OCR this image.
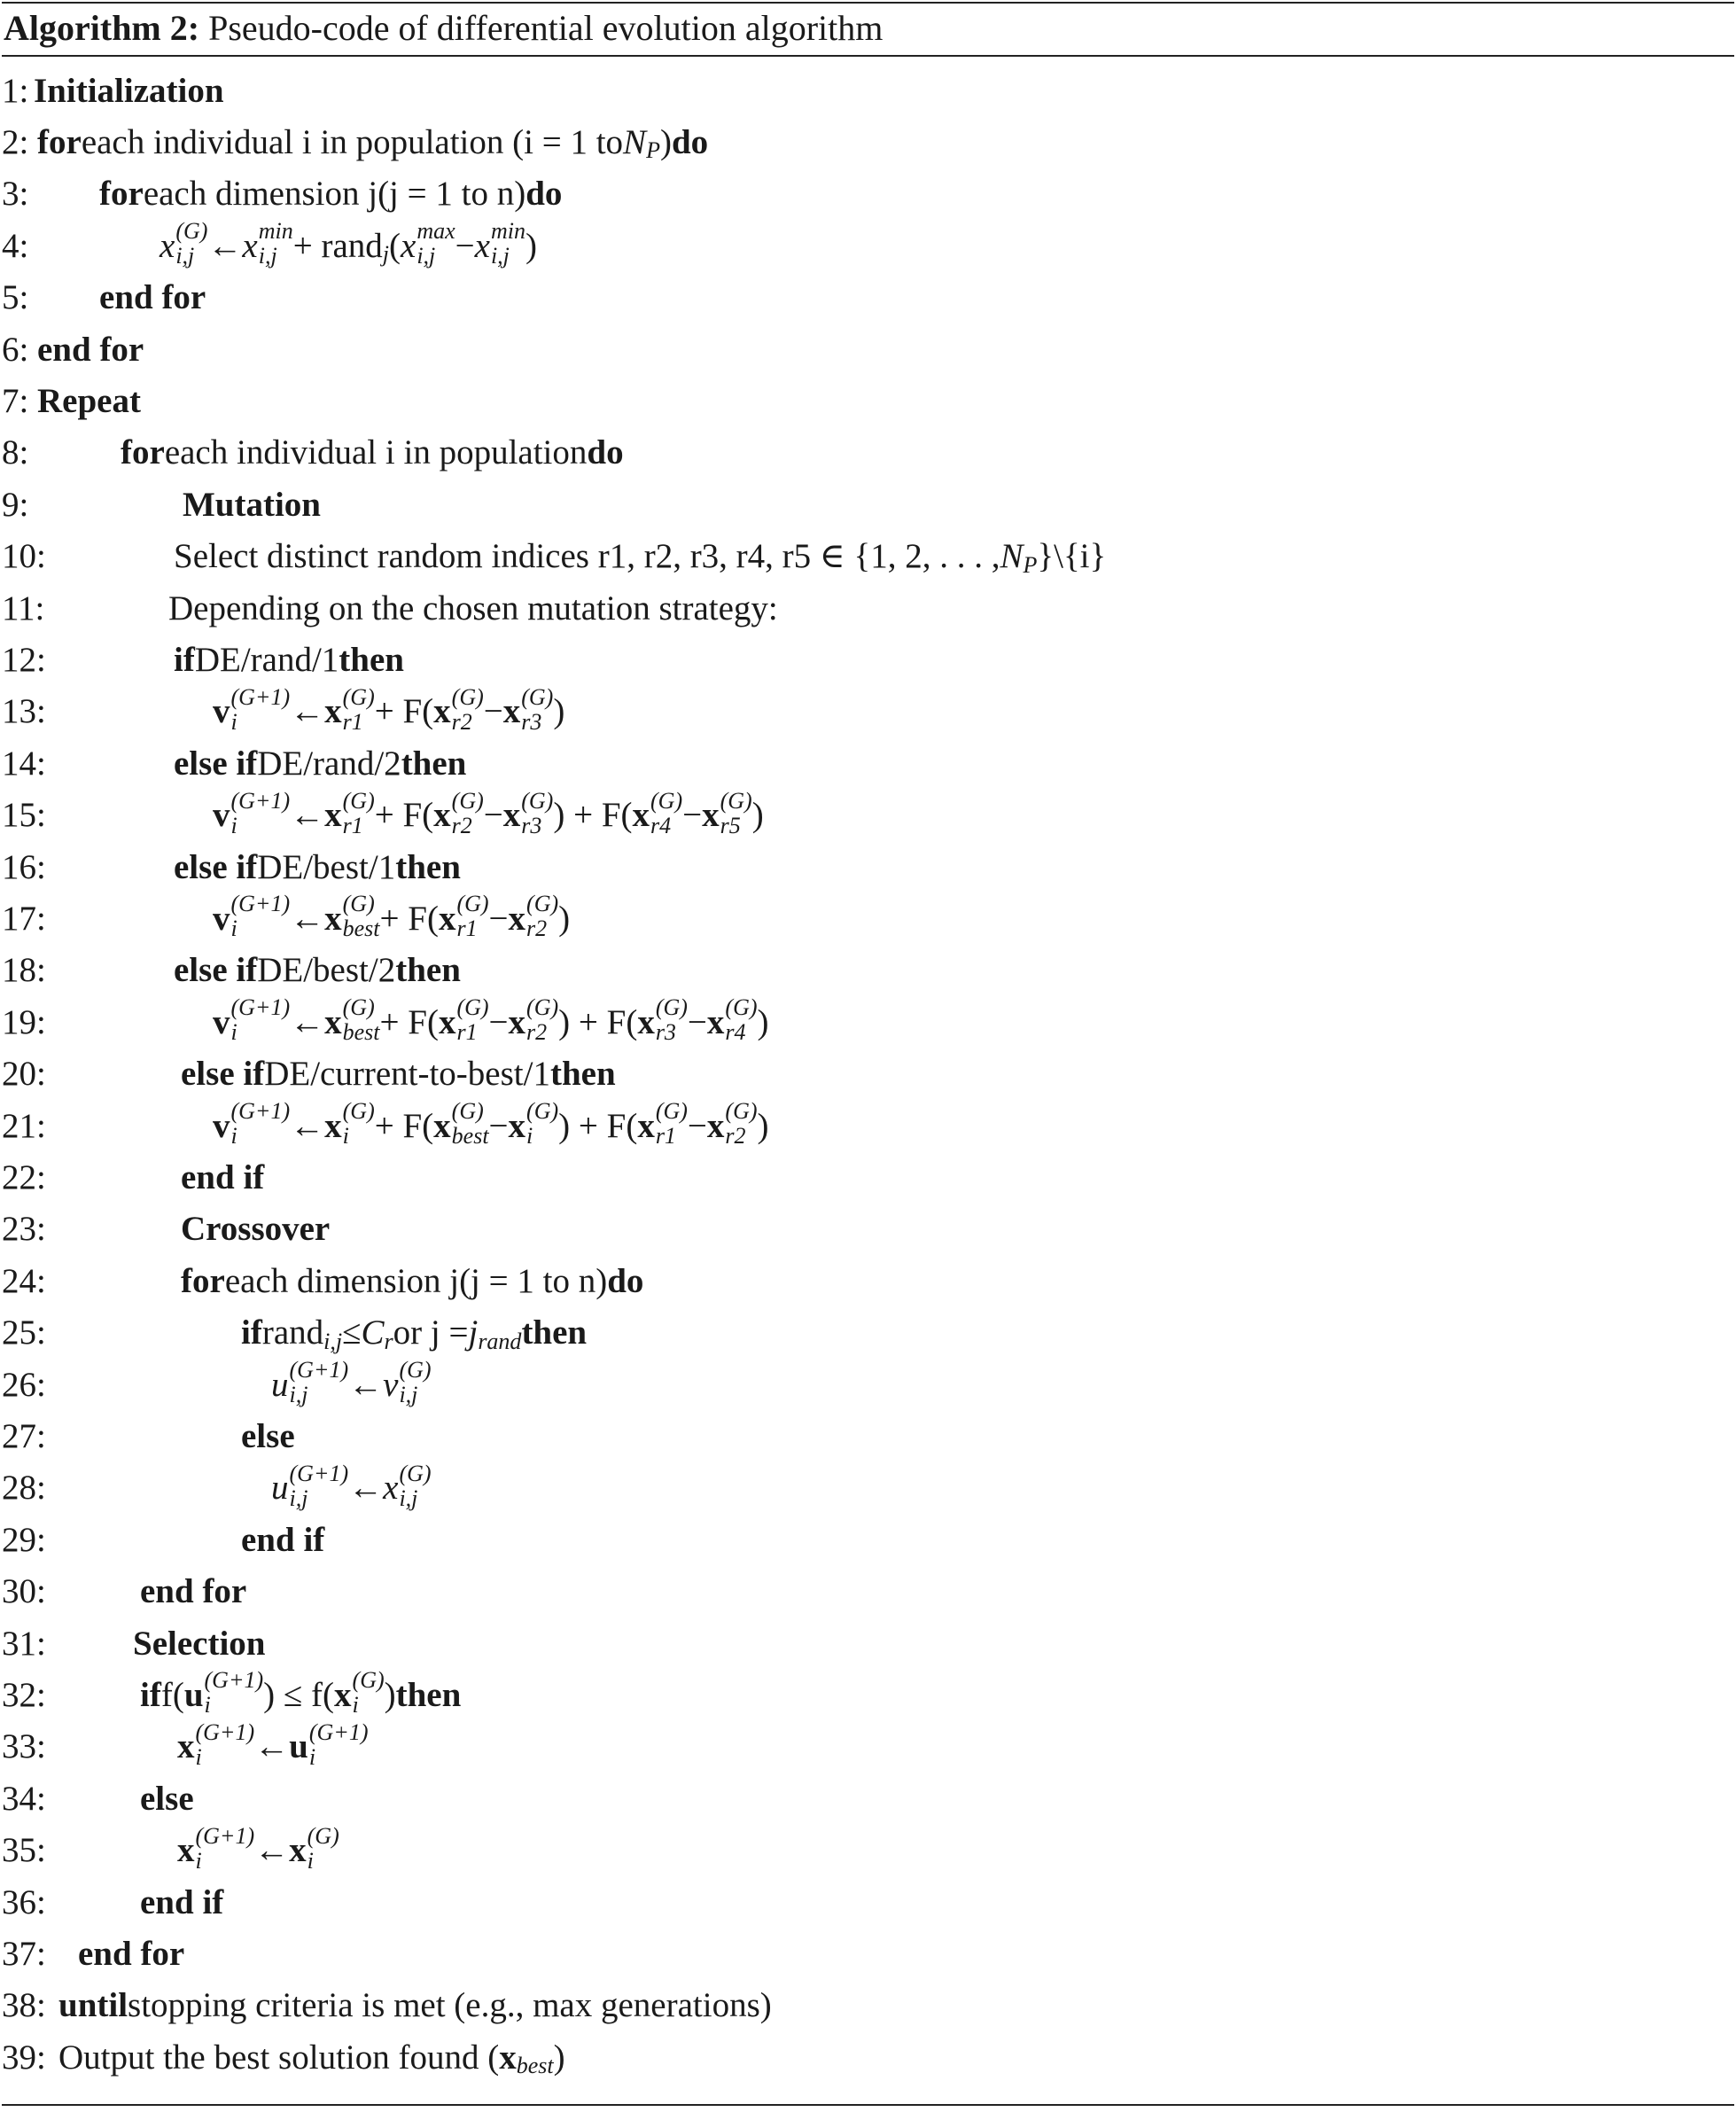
Algorithm 2: Pseudo-code of differential evolution algorithm
1: Initialization
2: for each individual i in population (i = 1 to N P ) do
3: for each dimension j(j = 1 to n) do
4:	x (G)
i,j ← x min
i,j + rand j ( x max
i,j − x min
i,j )
5: end for
6: end for
7: Repeat
8:	for each individual i in population do
9:	Mutation
10:	Select distinct random indices r1, r2, r3, r4, r5 ∈ {1, 2, . . . , N P }\{i}
11:	Depending on the chosen mutation strategy:
12:	if DE/rand/1 then
13:	v (G+1)
i	← x (G)
r1 + F( x (G)
r2 − x (G)
r3 )
14:	else if DE/rand/2 then
15:	v (G+1)
i	← x (G)
r1 + F( x (G)
r2 − x (G)
r3 ) + F( x (G)
r4 − x (G)
r5 )
16:	else if DE/best/1 then
17:	v (G+1)
i	← x (G)
best + F( x (G)
r1 − x (G)
r2 )
18:	else if DE/best/2 then
19:	v (G+1)
i	← x (G)
best + F( x (G)
r1 − x (G)
r2 ) + F( x (G)
r3 − x (G)
r4 )
20:	else if DE/current-to-best/1 then
21:	v (G+1)
i	← x (G)
i + F( x (G)
best − x (G)
i ) + F( x (G)
r1 − x (G)
r2 )
22:	end if
23:	Crossover
24:	for each dimension j(j = 1 to n) do
25:	if rand i,j ≤ C r or j = j rand then
26:	u (G+1)
i,j	← v (G)
i,j
27:	else
28:	u (G+1)
i,j	← x (G)
i,j
29:	end if
30:	end for
31:	Selection
32:	if f( u (G+1)
i	) ≤ f( x (G)
i ) then
33:	x (G+1)
i	← u (G+1)
i
34:	else
35:	x (G+1)
i	← x (G)
i
36:	end if
37: end for
38: until stopping criteria is met (e.g., max generations)
39: Output the best solution found ( x best )
